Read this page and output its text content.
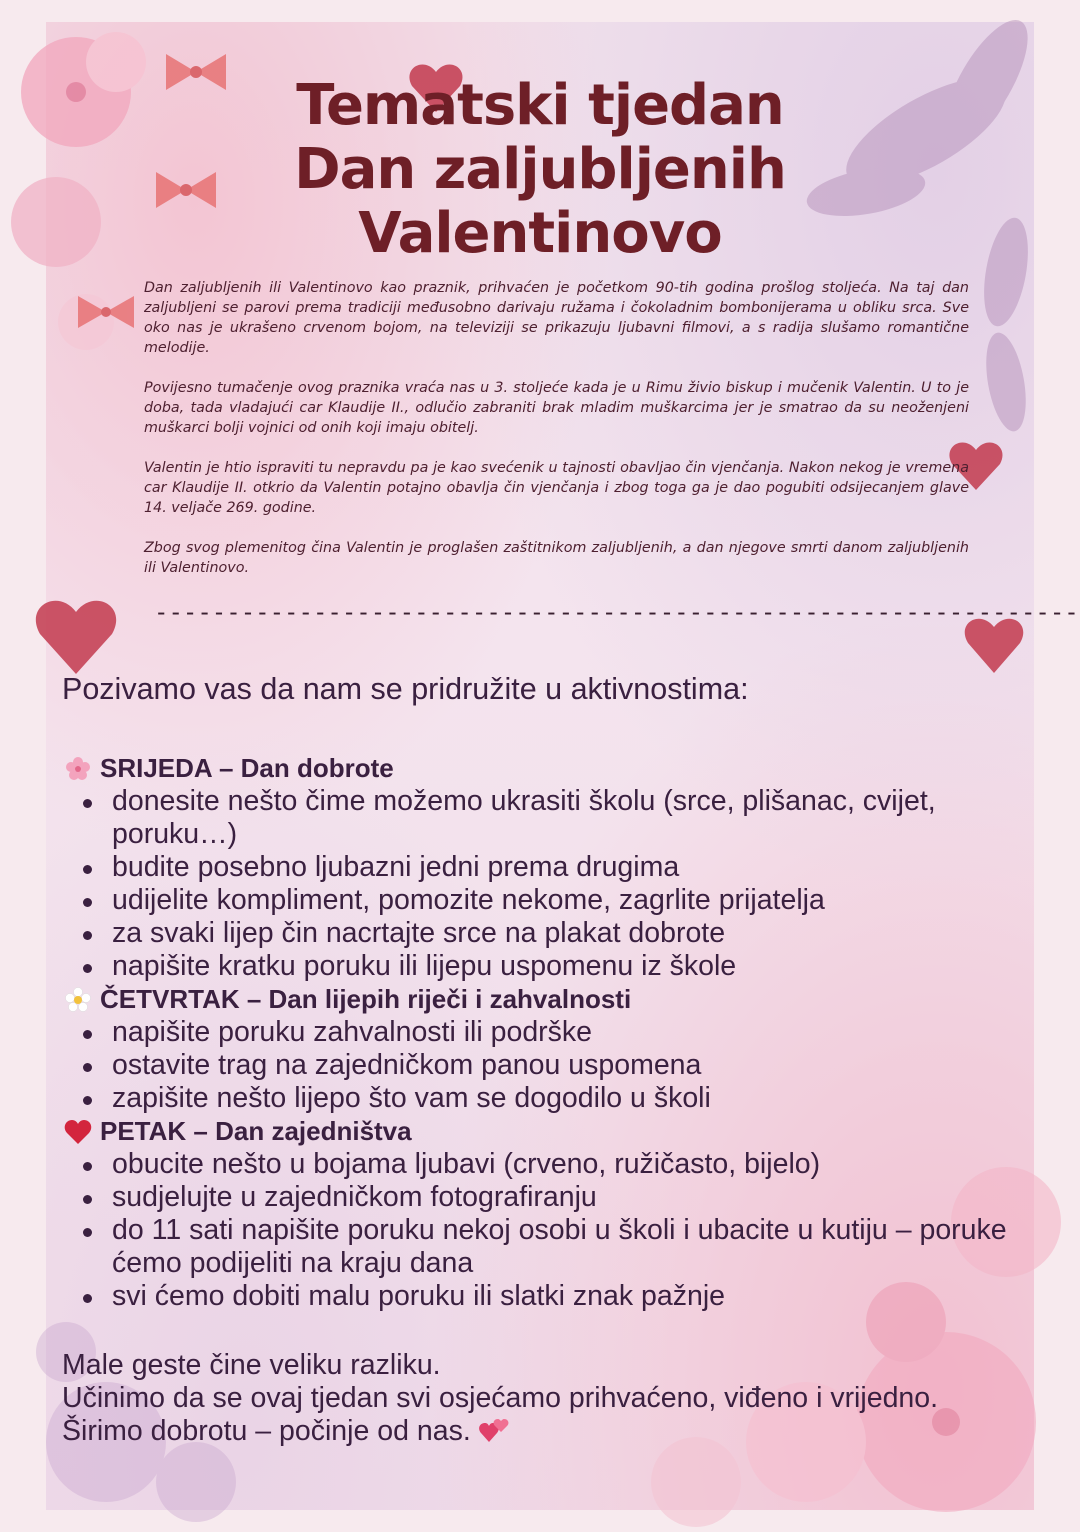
Tematski tjedan
Dan zaljubljenih
Valentinovo

Dan zaljubljenih ili Valentinovo kao praznik, prihvaćen je početkom 90-tih godina prošlog stoljeća. Na taj dan zaljubljeni se parovi prema tradiciji međusobno darivaju ružama i čokoladnim bombonijerama u obliku srca. Sve oko nas je ukrašeno crvenom bojom, na televiziji se prikazuju ljubavni filmovi, a s radija slušamo romantične melodije.

Povijesno tumačenje ovog praznika vraća nas u 3. stoljeće kada je u Rimu živio biskup i mučenik Valentin. U to je doba, tada vladajući car Klaudije II., odlučio zabraniti brak mladim muškarcima jer je smatrao da su neoženjeni muškarci bolji vojnici od onih koji imaju obitelj.

Valentin je htio ispraviti tu nepravdu pa je kao svećenik u tajnosti obavljao čin vjenčanja. Nakon nekog je vremena car Klaudije II. otkrio da Valentin potajno obavlja čin vjenčanja i zbog toga ga je dao pogubiti odsijecanjem glave 14. veljače 269. godine.

Zbog svog plemenitog čina Valentin je proglašen zaštitnikom zaljubljenih, a dan njegove smrti danom zaljubljenih ili Valentinovo.

----------------------------------------------------------------
Pozivamo vas da nam se pridružite u aktivnostima:
SRIJEDA – Dan dobrote
donesite nešto čime možemo ukrasiti školu (srce, plišanac, cvijet, poruku…)
budite posebno ljubazni jedni prema drugima
udijelite kompliment, pomozite nekome, zagrlite prijatelja
za svaki lijep čin nacrtajte srce na plakat dobrote
napišite kratku poruku ili lijepu uspomenu iz škole
ČETVRTAK – Dan lijepih riječi i zahvalnosti
napišite poruku zahvalnosti ili podrške
ostavite trag na zajedničkom panou uspomena
zapišite nešto lijepo što vam se dogodilo u školi
PETAK – Dan zajedništva
obucite nešto u bojama ljubavi (crveno, ružičasto, bijelo)
sudjelujte u zajedničkom fotografiranju
do 11 sati napišite poruku nekoj osobi u školi i ubacite u kutiju – poruke ćemo podijeliti na kraju dana
svi ćemo dobiti malu poruku ili slatki znak pažnje
Male geste čine veliku razliku.
Učinimo da se ovaj tjedan svi osjećamo prihvaćeno, viđeno i vrijedno.
Širimo dobrotu – počinje od nas.
